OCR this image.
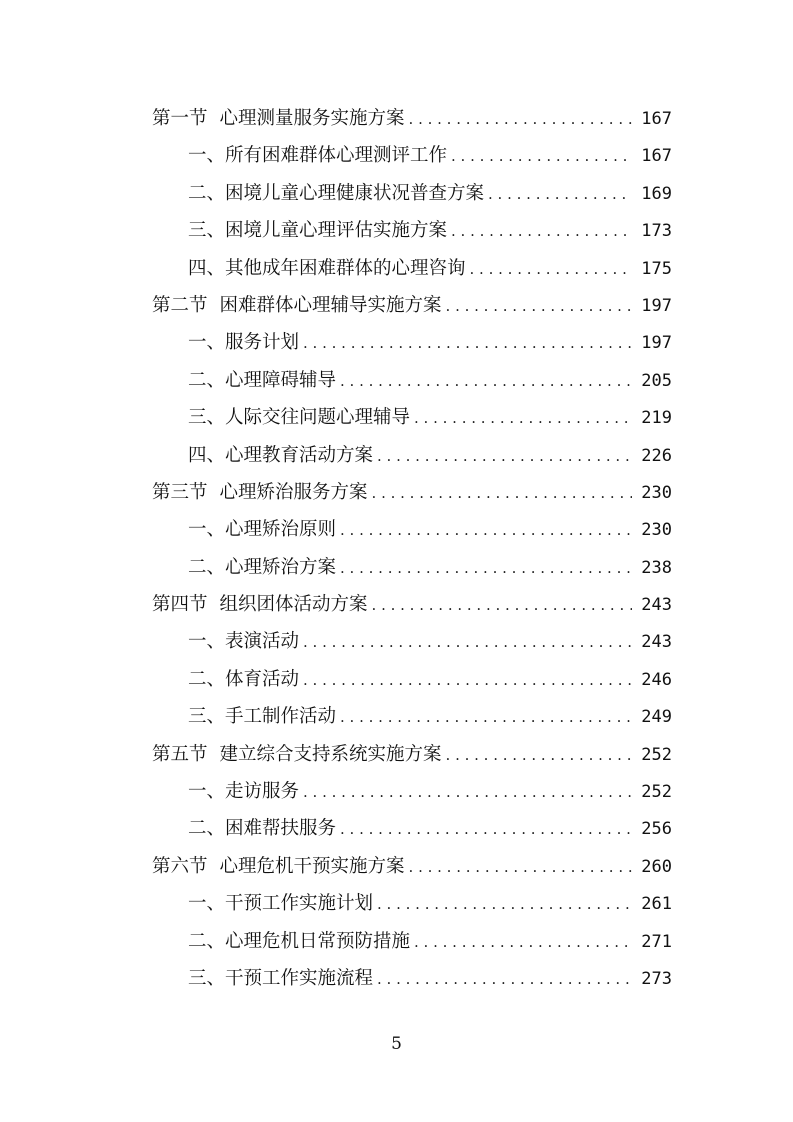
第一节 心理测量服务实施方案 . . .	167
一、所有困难群体心理测评工作 . . .	167
二、困境儿童心理健康状况普查方案 . . .	169
三、困境儿童心理评估实施方案 . . .	173
四、其他成年困难群体的心理咨询 . . .	175
第二节 困难群体心理辅导实施方案 . . .	197
一、服务计划 . . .	197
二、心理障碍辅导 . . .	205
三、人际交往问题心理辅导 . . .	219
四、心理教育活动方案 . . .	226
第三节 心理矫治服务方案 . . .	230
一、心理矫治原则 . . .	230
二、心理矫治方案 . . .	238
第四节 组织团体活动方案 . . .	243
一、表演活动 . . .	243
二、体育活动 . . .	246
三、手工制作活动 . . .	249
第五节 建立综合支持系统实施方案 . . .	252
一、走访服务 . . .	252
二、困难帮扶服务 . . .	256
第六节 心理危机干预实施方案 . . .	260
一、干预工作实施计划 . . .	261
二、心理危机日常预防措施 . . .	271
三、干预工作实施流程 . . .	273
5
